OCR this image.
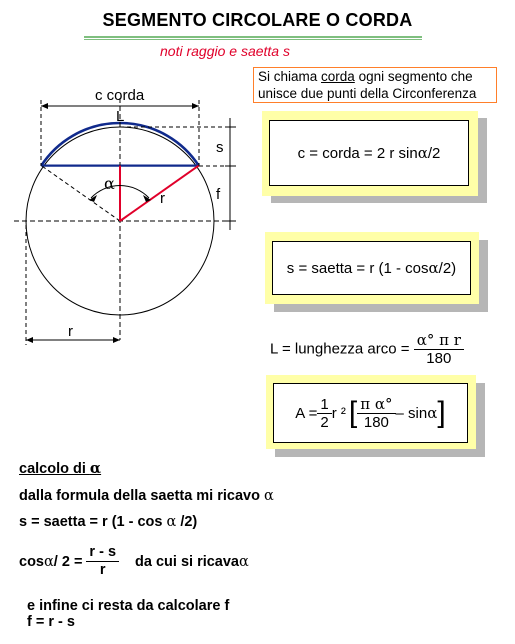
SEGMENTO CIRCOLARE O CORDA
noti raggio e saetta s
Si chiama corda ogni segmento che
unisce due punti della Circonferenza
c corda
L
s
f
r
α
r
c = corda = 2 r sin α /2
s = saetta = r (1 - cos α /2)
L = lunghezza arco = $\frac{\text{α° π r}}{180}$
$A = \frac{1}{2}$ r ² [ $\frac{\text{π α°}}{180}$ – sin α ]
calcolo di α
dalla formula della saetta mi ricavo α
s = saetta = r (1 - cos α /2)
$\cos \alpha / 2 = \frac{r - s}{r}$ da cui si ricava α
e infine ci resta da calcolare f
f = r - s
